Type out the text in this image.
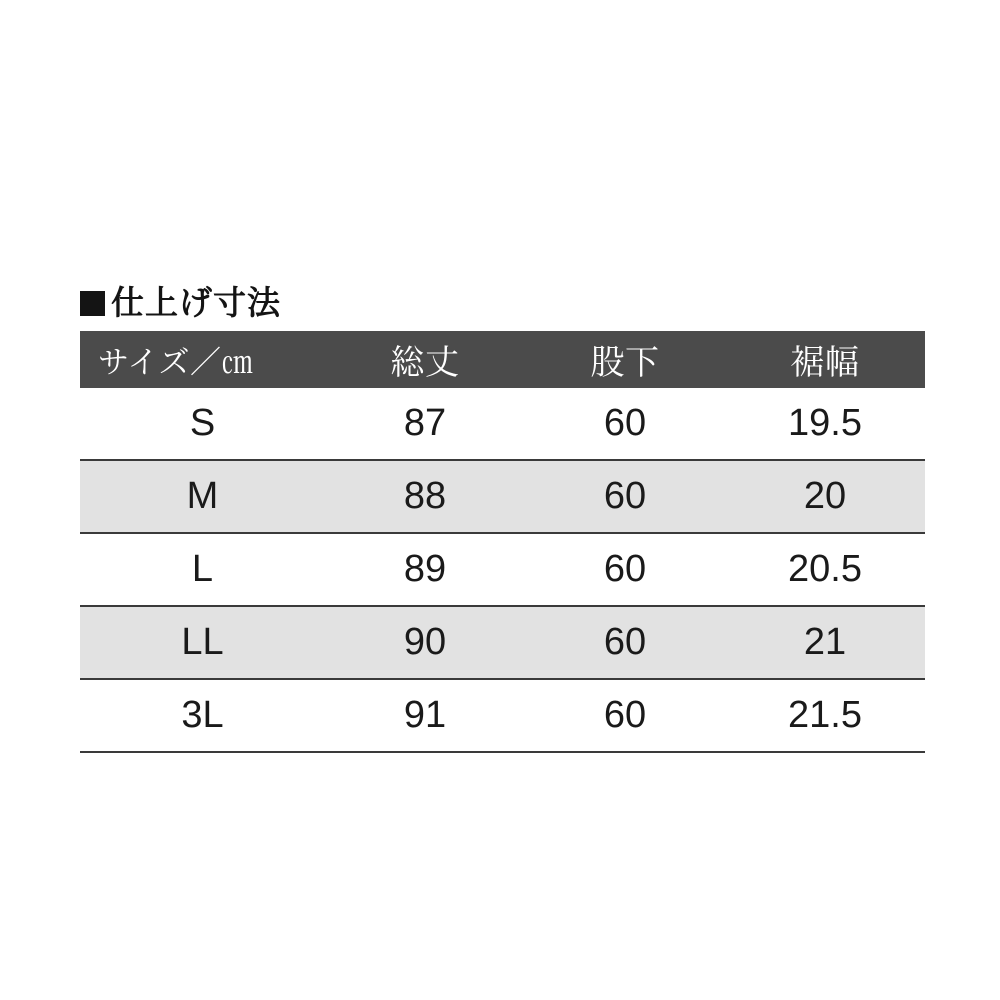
仕上げ寸法
サイズ／㎝	総丈	股下	裾幅
S	87	60	19.5
M	88	60	20
L	89	60	20.5
LL	90	60	21
3L	91	60	21.5
